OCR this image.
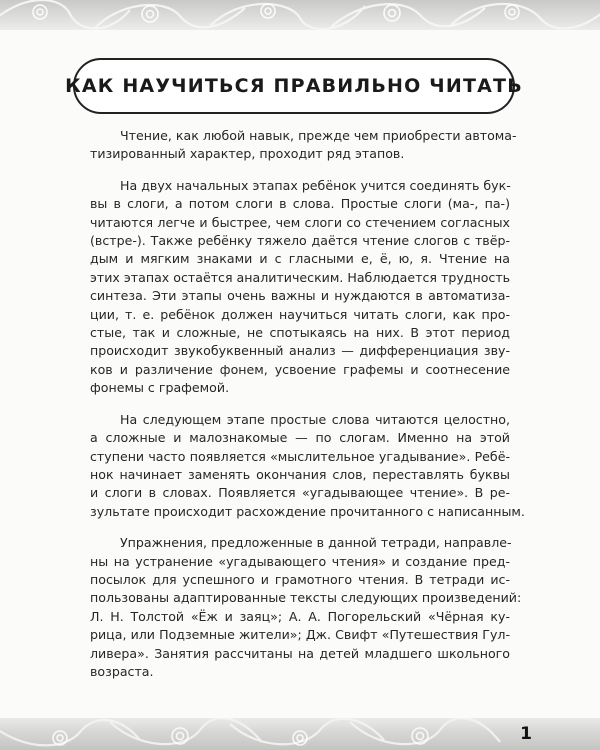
КАК НАУЧИТЬСЯ ПРАВИЛЬНО ЧИТАТЬ
Чтение, как любой навык, прежде чем приобрести автома-
тизированный характер, проходит ряд этапов.
На двух начальных этапах ребёнок учится соединять бук-
вы в слоги, а потом слоги в слова. Простые слоги (ма-, па-)
читаются легче и быстрее, чем слоги со стечением согласных
(встре-). Также ребёнку тяжело даётся чтение слогов с твёр-
дым и мягким знаками и с гласными е, ё, ю, я. Чтение на
этих этапах остаётся аналитическим. Наблюдается трудность
синтеза. Эти этапы очень важны и нуждаются в автоматиза-
ции, т. е. ребёнок должен научиться читать слоги, как про-
стые, так и сложные, не спотыкаясь на них. В этот период
происходит звукобуквенный анализ — дифференциация зву-
ков и различение фонем, усвоение графемы и соотнесение
фонемы с графемой.
На следующем этапе простые слова читаются целостно,
а сложные и малознакомые — по слогам. Именно на этой
ступени часто появляется «мыслительное угадывание». Ребё-
нок начинает заменять окончания слов, переставлять буквы
и слоги в словах. Появляется «угадывающее чтение». В ре-
зультате происходит расхождение прочитанного с написанным.
Упражнения, предложенные в данной тетради, направле-
ны на устранение «угадывающего чтения» и создание пред-
посылок для успешного и грамотного чтения. В тетради ис-
пользованы адаптированные тексты следующих произведений:
Л. Н. Толстой «Ёж и заяц»; А. А. Погорельский «Чёрная ку-
рица, или Подземные жители»; Дж. Свифт «Путешествия Гул-
ливера». Занятия рассчитаны на детей младшего школьного
возраста.
1
